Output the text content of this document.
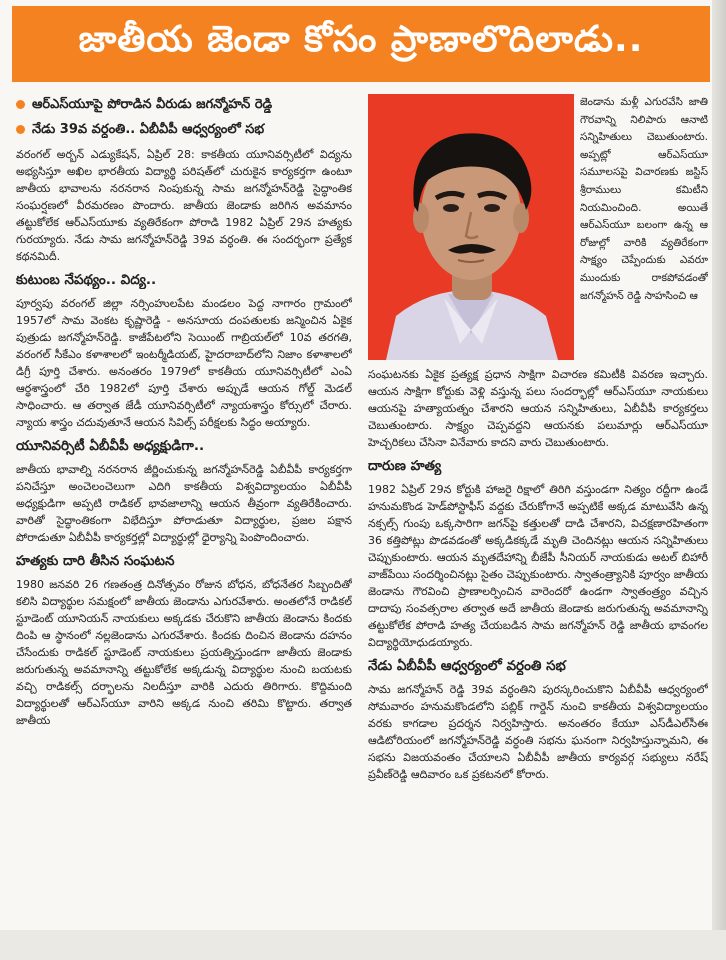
జాతీయ జెండా కోసం ప్రాణాలొదిలాడు..
ఆర్‌ఎస్‌యూపై పోరాడిన వీరుడు జగన్మోహన్ రెడ్డి
నేడు 39వ వర్ధంతి.. ఏబీవీపీ ఆధ్వర్యంలో సభ

వరంగల్ అర్బన్ ఎడ్యుకేషన్, ఏప్రిల్ 28: కాకతీయ యూనివర్సిటీలో విద్యను అభ్యసిస్తూ అఖిల భారతీయ విద్యార్థి పరిషత్‌లో చురుకైన కార్యకర్తగా ఉంటూ జాతీయ భావాలను నరనరాన నింపుకున్న సామ జగన్మోహన్‌రెడ్డి సైద్ధాంతిక సంఘర్షణలో వీరమరణం పొందారు. జాతీయ జెండాకు జరిగిన అవమానం తట్టుకోలేక ఆర్‌ఎస్‌యూకు వ్యతిరేకంగా పోరాడి 1982 ఏప్రిల్ 29న హత్యకు గురయ్యారు. నేడు సామ జగన్మోహన్‌రెడ్డి 39వ వర్ధంతి. ఈ సందర్భంగా ప్రత్యేక కథనమిదీ.

కుటుంబ నేపథ్యం.. విద్య..

పూర్వపు వరంగల్ జిల్లా నర్సింహులపేట మండలం పెద్ద నాగారం గ్రామంలో 1957లో సామ వెంకట కృష్ణారెడ్డి - అనసూయ దంపతులకు జన్మించిన ఏకైక పుత్రుడు జగన్మోహన్‌రెడ్డి. కాజీపేటలోని సెయింట్ గాబ్రియల్‌లో 10వ తరగతి, వరంగల్ సీకేఎం కళాశాలలో ఇంటర్మీడియట్, హైదరాబాద్‌లోని నిజాం కళాశాలలో డిగ్రీ పూర్తి చేశారు. అనంతరం 1979లో కాకతీయ యూనివర్సిటీలో ఎంఏ ఆర్థశాస్త్రంలో చేరి 1982లో పూర్తి చేశారు అప్పుడే ఆయన గోల్డ్ మెడల్ సాధించారు. ఆ తర్వాత జేడీ యూనివర్సిటీలో న్యాయశాస్త్రం కోర్సులో చేరారు. న్యాయ శాస్త్రం చదువుతూనే ఆయన సివిల్స్ పరీక్షలకు సిద్ధం అయ్యారు.

యూనివర్సిటీ ఏబీవీపీ అధ్యక్షుడిగా..

జాతీయ భావాల్ని నరనరాన జీర్ణించుకున్న జగన్మోహన్‌రెడ్డి ఏబీవీపీ కార్యకర్తగా పనిచేస్తూ అంచెలంచెలుగా ఎదిగి కాకతీయ విశ్వవిద్యాలయం ఏబీవీపీ అధ్యక్షుడిగా అప్పటి రాడికల్ భావజాలాన్ని ఆయన తీవ్రంగా వ్యతిరేకించారు. వారితో సైద్ధాంతికంగా విభేదిస్తూ పోరాడుతూ విద్యార్థుల, ప్రజల పక్షాన పోరాడుతూ ఏబీవీపీ కార్యకర్తల్లో విద్యార్థుల్లో ధైర్యాన్ని పెంపొందించారు.

హత్యకు దారి తీసిన సంఘటన

1980 జనవరి 26 గణతంత్ర దినోత్సవం రోజున బోధన, బోధనేతర సిబ్బందితో కలిసి విద్యార్థుల సమక్షంలో జాతీయ జెండాను ఎగురవేశారు. అంతలోనే రాడికల్ స్టూడెంట్ యూనియన్ నాయకులు అక్కడకు చేరుకొని జాతీయ జెండాను కిందకు దింపి ఆ స్థానంలో నల్లజెండాను ఎగురవేశారు. కిందకు దించిన జెండాను దహనం చేసేందుకు రాడికల్ స్టూడెంట్ నాయకులు ప్రయత్నిస్తుండగా జాతీయ జెండాకు జరుగుతున్న అవమానాన్ని తట్టుకోలేక అక్కడున్న విద్యార్థుల నుంచి బయటకు వచ్చి రాడికల్స్ దర్భాలను నిలదీస్తూ వారికి ఎదురు తిరిగారు. కొద్దిమంది విద్యార్థులతో ఆర్‌ఎస్‌యూ వారిని అక్కడ నుంచి తరిమి కొట్టారు. తర్వాత జాతీయ

జెండాను మళ్లీ ఎగురవేసి జాతి గౌరవాన్ని నిలిపారు ఆనాటి సన్నిహితులు చెబుతుంటారు. అప్పట్లో ఆర్‌ఎస్‌యూ సమూలసపై విచారణకు జస్టిస్ శ్రీరాములు కమిటీని నియమించింది. అయితే ఆర్‌ఎస్‌యూ బలంగా ఉన్న ఆ రోజుల్లో వారికి వ్యతిరేకంగా సాక్ష్యం చెప్పేందుకు ఎవరూ ముందుకు రాకపోవడంతో జగన్మోహన్ రెడ్డి సాహసించి ఆ

సంఘటనకు ఏకైక ప్రత్యక్ష ప్రధాన సాక్షిగా విచారణ కమిటీకి వివరణ ఇచ్చారు. ఆయన సాక్షిగా కోర్టుకు వెళ్లి వస్తున్న పలు సందర్భాల్లో ఆర్‌ఎస్‌యూ నాయకులు ఆయనపై హత్యాయత్నం చేశారని ఆయన సన్నిహితులు, ఏబీవీపీ కార్యకర్తలు చెబుతుంటారు. సాక్ష్యం చెప్పవద్దని ఆయనకు పలుమార్లు ఆర్‌ఎస్‌యూ హెచ్చరికలు చేసినా వినేవారు కాదని వారు చెబుతుంటారు.

దారుణ హత్య

1982 ఏప్రిల్ 29న కోర్టుకి హాజరై రిక్షాలో తిరిగి వస్తుండగా నిత్యం రద్దీగా ఉండే హనుమకొండ హెడ్‌పోస్టాఫీస్ వద్దకు చేరుకోగానే అప్పటికే అక్కడ మాటువేసి ఉన్న నక్సల్స్ గుంపు ఒక్కసారిగా జగన్‌పై కత్తులతో దాడి చేశారని, విచక్షణారహితంగా 36 కత్తిపోట్లు పొడవడంతో అక్కడికక్కడే మృతి చెందినట్లు ఆయన సన్నిహితులు చెప్పుకుంటారు. ఆయన మృతదేహాన్ని బీజేపీ సీనియర్ నాయకుడు అటల్ బిహారీ వాజ్‌పేయి సందర్శించినట్లు సైతం చెప్పుకుంటారు. స్వాతంత్ర్యానికి పూర్వం జాతీయ జెండాను గౌరవించి ప్రాణాలర్పించిన వారెందరో ఉండగా స్వాతంత్ర్యం వచ్చిన దాదాపు సంవత్సరాల తర్వాత అదే జాతీయ జెండాకు జరుగుతున్న అవమానాన్ని తట్టుకోలేక పోరాడి హత్య చేయబడిన సామ జగన్మోహన్ రెడ్డి జాతీయ భావంగల విద్యార్థియోధుడయ్యారు.

నేడు ఏబీవీపీ ఆధ్వర్యంలో వర్ధంతి సభ

సామ జగన్మోహన్ రెడ్డి 39వ వర్ధంతిని పురస్కరించుకొని ఏబీవీపీ ఆధ్వర్యంలో సోమవారం హనుమకొండలోని పబ్లిక్ గార్డెన్ నుంచి కాకతీయ విశ్వవిద్యాలయం వరకు కాగడాల ప్రదర్శన నిర్వహిస్తారు. అనంతరం కేయూ ఎస్‌డీఎల్‌సీఈ ఆడిటోరియంలో జగన్మోహన్‌రెడ్డి వర్ధంతి సభను ఘనంగా నిర్వహిస్తున్నామని, ఈ సభను విజయవంతం చేయాలని ఏబీవీపీ జాతీయ కార్యవర్గ సభ్యులు నరేష్ ప్రవీణ్‌రెడ్డి ఆదివారం ఒక ప్రకటనలో కోరారు.
